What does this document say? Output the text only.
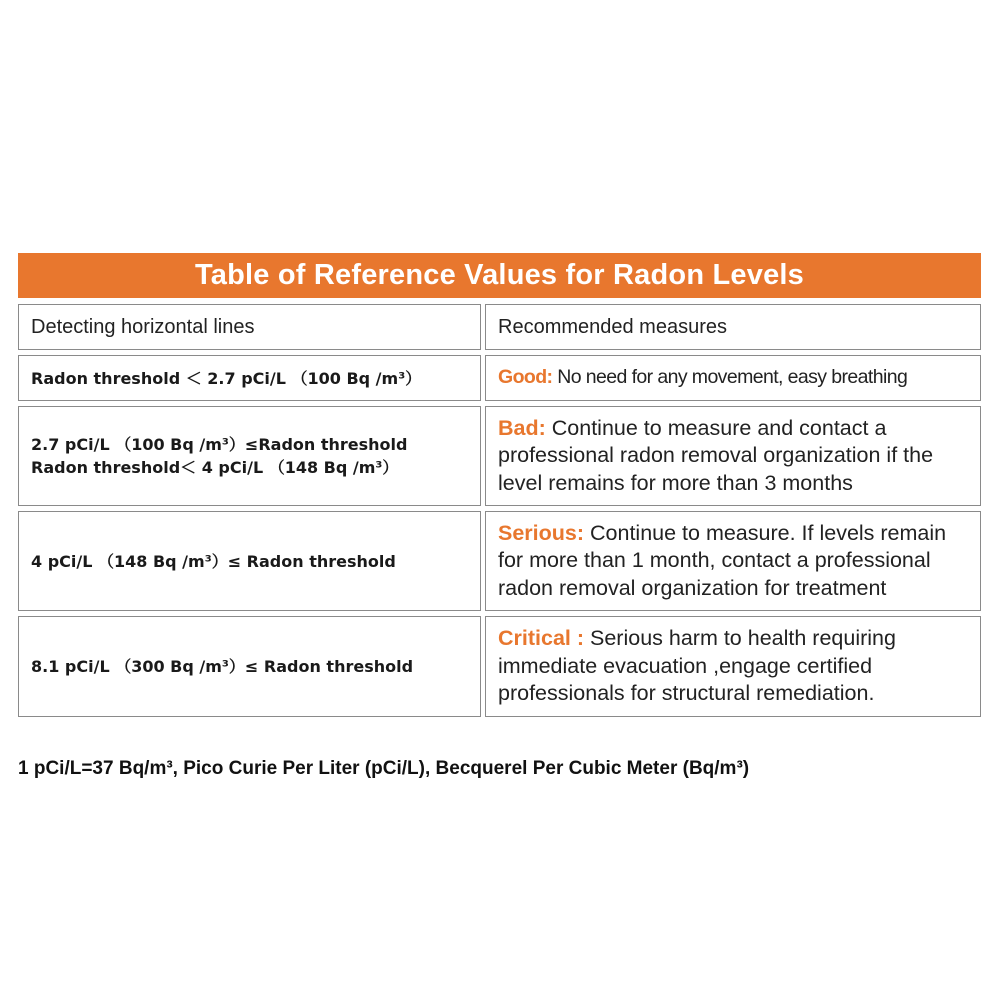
Table of Reference Values for Radon Levels
Detecting horizontal lines	Recommended measures
Radon threshold ＜ 2.7 pCi/L （100 Bq /m³）	Good: No need for any movement, easy breathing
2.7 pCi/L （100 Bq /m³）≤Radon threshold
Radon threshold＜ 4 pCi/L （148 Bq /m³）
Bad: Continue to measure and contact a professional radon removal organization if the level remains for more than 3 months
4 pCi/L （148 Bq /m³）≤ Radon threshold
Serious: Continue to measure. If levels remain for more than 1 month, contact a professional radon removal organization for treatment
8.1 pCi/L （300 Bq /m³）≤ Radon threshold
Critical : Serious harm to health requiring immediate evacuation ,engage certified professionals for structural remediation.
1 pCi/L=37 Bq/m³, Pico Curie Per Liter (pCi/L), Becquerel Per Cubic Meter (Bq/m³)
